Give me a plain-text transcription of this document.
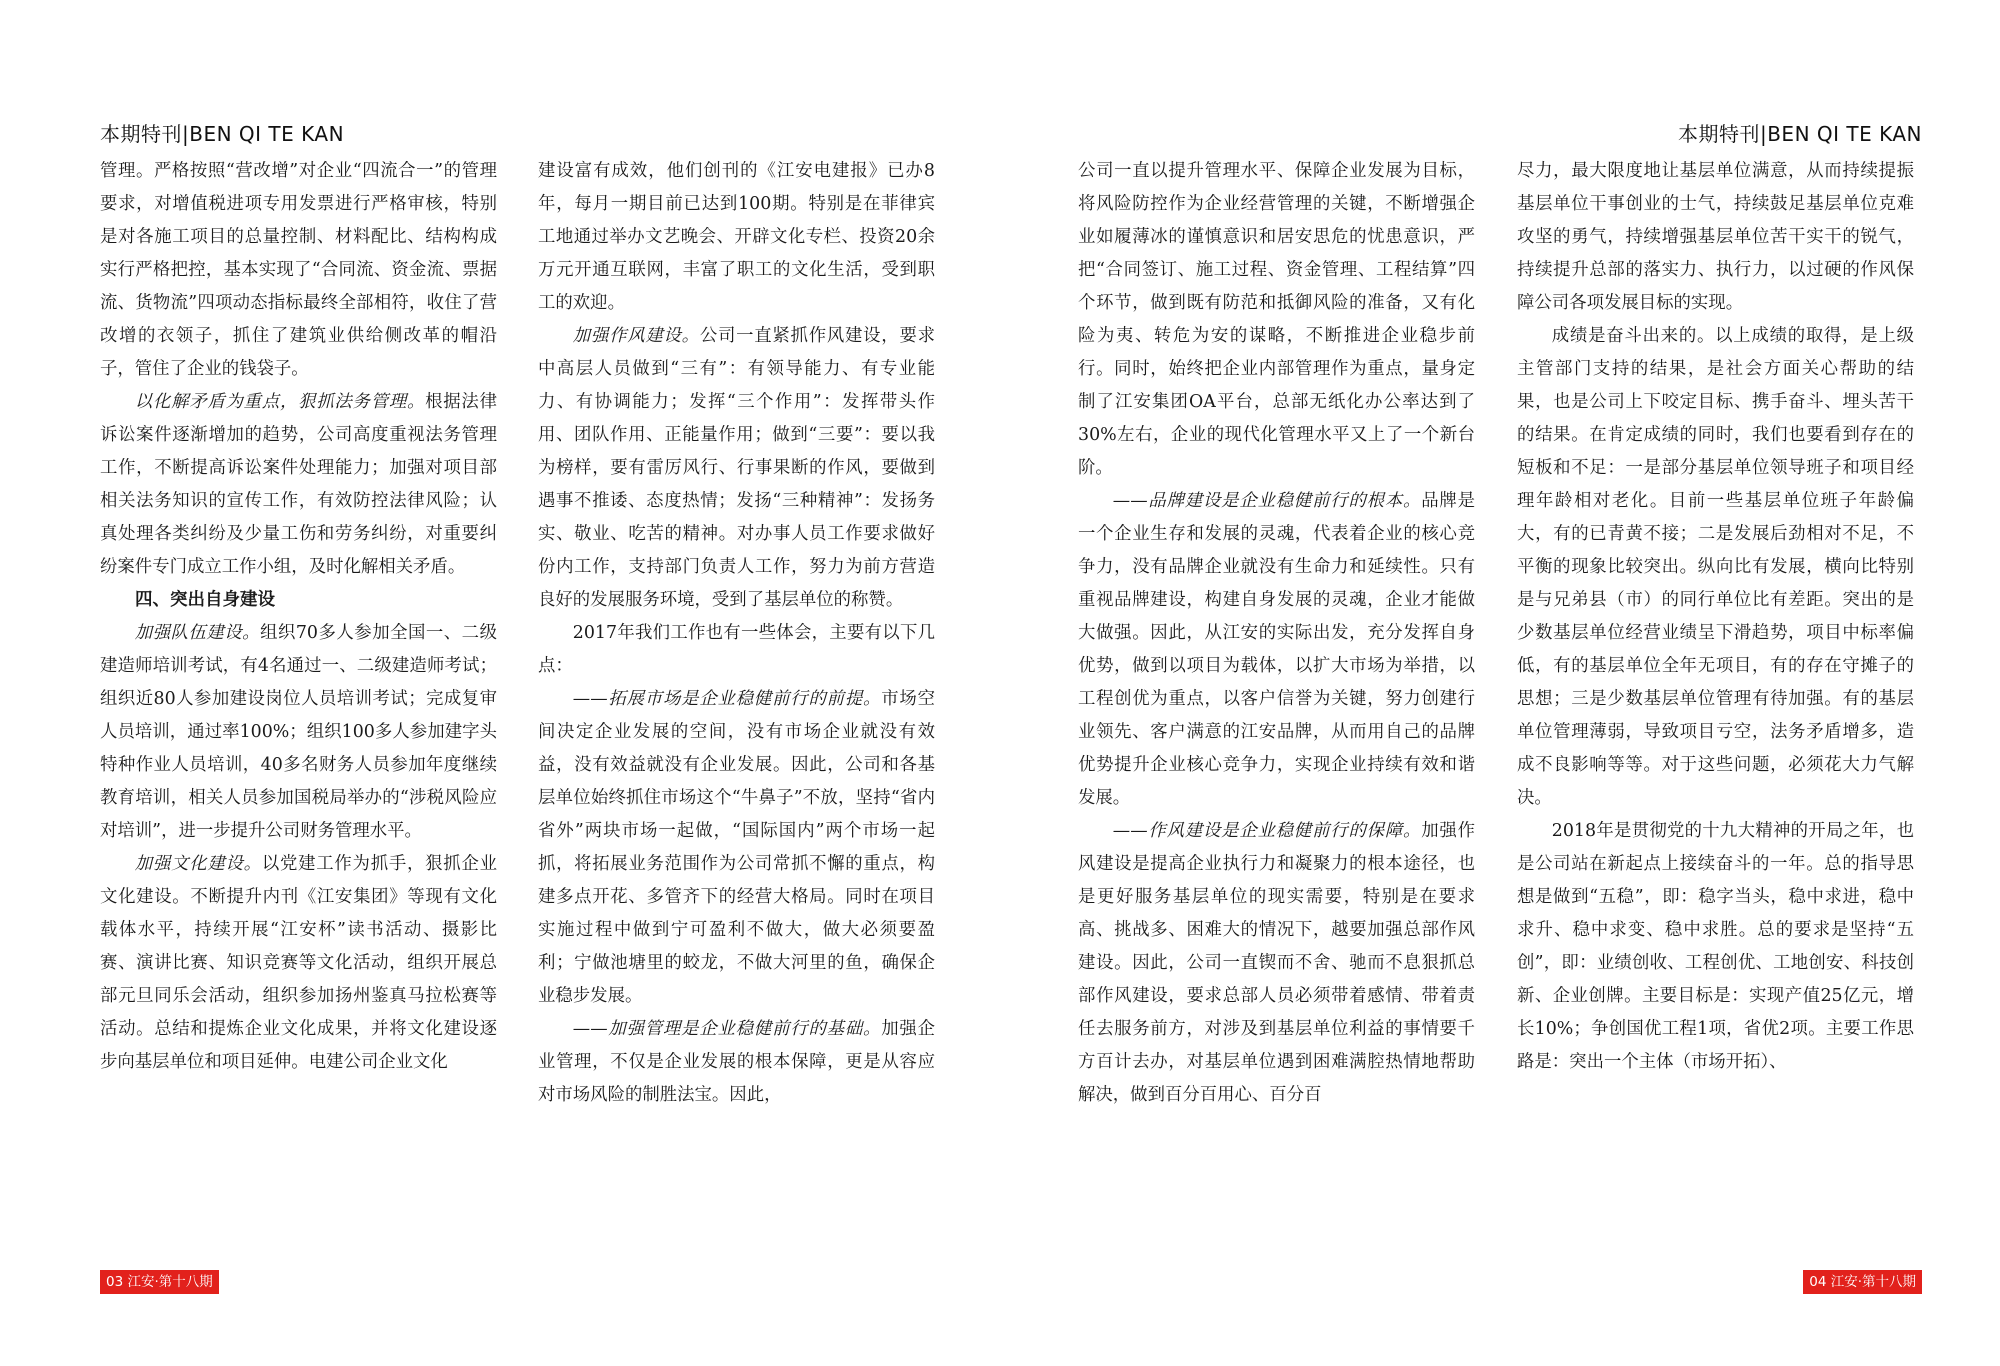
本期特刊|BEN QI TE KAN

管理。严格按照“营改增”对企业“四流合一”的管理要求，对增值税进项专用发票进行严格审核，特别是对各施工项目的总量控制、材料配比、结构构成实行严格把控，基本实现了“合同流、资金流、票据流、货物流”四项动态指标最终全部相符，收住了营改增的衣领子，抓住了建筑业供给侧改革的帽沿子，管住了企业的钱袋子。

以化解矛盾为重点，狠抓法务管理。根据法律诉讼案件逐渐增加的趋势，公司高度重视法务管理工作，不断提高诉讼案件处理能力；加强对项目部相关法务知识的宣传工作，有效防控法律风险；认真处理各类纠纷及少量工伤和劳务纠纷，对重要纠纷案件专门成立工作小组，及时化解相关矛盾。

四、突出自身建设

加强队伍建设。组织70多人参加全国一、二级建造师培训考试，有4名通过一、二级建造师考试；组织近80人参加建设岗位人员培训考试；完成复审人员培训，通过率100%；组织100多人参加建字头特种作业人员培训，40多名财务人员参加年度继续教育培训，相关人员参加国税局举办的“涉税风险应对培训”，进一步提升公司财务管理水平。

加强文化建设。以党建工作为抓手，狠抓企业文化建设。不断提升内刊《江安集团》等现有文化载体水平，持续开展“江安杯”读书活动、摄影比赛、演讲比赛、知识竞赛等文化活动，组织开展总部元旦同乐会活动，组织参加扬州鉴真马拉松赛等活动。总结和提炼企业文化成果，并将文化建设逐步向基层单位和项目延伸。电建公司企业文化

建设富有成效，他们创刊的《江安电建报》已办8年，每月一期目前已达到100期。特别是在菲律宾工地通过举办文艺晚会、开辟文化专栏、投资20余万元开通互联网，丰富了职工的文化生活，受到职工的欢迎。

加强作风建设。公司一直紧抓作风建设，要求中高层人员做到“三有”：有领导能力、有专业能力、有协调能力；发挥“三个作用”：发挥带头作用、团队作用、正能量作用；做到“三要”：要以我为榜样，要有雷厉风行、行事果断的作风，要做到遇事不推诿、态度热情；发扬“三种精神”：发扬务实、敬业、吃苦的精神。对办事人员工作要求做好份内工作，支持部门负责人工作，努力为前方营造良好的发展服务环境，受到了基层单位的称赞。

2017年我们工作也有一些体会，主要有以下几点：

——拓展市场是企业稳健前行的前提。市场空间决定企业发展的空间，没有市场企业就没有效益，没有效益就没有企业发展。因此，公司和各基层单位始终抓住市场这个“牛鼻子”不放，坚持“省内省外”两块市场一起做，“国际国内”两个市场一起抓，将拓展业务范围作为公司常抓不懈的重点，构建多点开花、多管齐下的经营大格局。同时在项目实施过程中做到宁可盈利不做大，做大必须要盈利；宁做池塘里的蛟龙，不做大河里的鱼，确保企业稳步发展。

——加强管理是企业稳健前行的基础。加强企业管理，不仅是企业发展的根本保障，更是从容应对市场风险的制胜法宝。因此，

03 江安·第十八期
本期特刊|BEN QI TE KAN

公司一直以提升管理水平、保障企业发展为目标，将风险防控作为企业经营管理的关键，不断增强企业如履薄冰的谨慎意识和居安思危的忧患意识，严把“合同签订、施工过程、资金管理、工程结算”四个环节，做到既有防范和抵御风险的准备，又有化险为夷、转危为安的谋略，不断推进企业稳步前行。同时，始终把企业内部管理作为重点，量身定制了江安集团OA平台，总部无纸化办公率达到了30%左右，企业的现代化管理水平又上了一个新台阶。

——品牌建设是企业稳健前行的根本。品牌是一个企业生存和发展的灵魂，代表着企业的核心竞争力，没有品牌企业就没有生命力和延续性。只有重视品牌建设，构建自身发展的灵魂，企业才能做大做强。因此，从江安的实际出发，充分发挥自身优势，做到以项目为载体，以扩大市场为举措，以工程创优为重点，以客户信誉为关键，努力创建行业领先、客户满意的江安品牌，从而用自己的品牌优势提升企业核心竞争力，实现企业持续有效和谐发展。

——作风建设是企业稳健前行的保障。加强作风建设是提高企业执行力和凝聚力的根本途径，也是更好服务基层单位的现实需要，特别是在要求高、挑战多、困难大的情况下，越要加强总部作风建设。因此，公司一直锲而不舍、驰而不息狠抓总部作风建设，要求总部人员必须带着感情、带着责任去服务前方，对涉及到基层单位利益的事情要千方百计去办，对基层单位遇到困难满腔热情地帮助解决，做到百分百用心、百分百

尽力，最大限度地让基层单位满意，从而持续提振基层单位干事创业的士气，持续鼓足基层单位克难攻坚的勇气，持续增强基层单位苦干实干的锐气，持续提升总部的落实力、执行力，以过硬的作风保障公司各项发展目标的实现。

成绩是奋斗出来的。以上成绩的取得，是上级主管部门支持的结果，是社会方面关心帮助的结果，也是公司上下咬定目标、携手奋斗、埋头苦干的结果。在肯定成绩的同时，我们也要看到存在的短板和不足：一是部分基层单位领导班子和项目经理年龄相对老化。目前一些基层单位班子年龄偏大，有的已青黄不接；二是发展后劲相对不足，不平衡的现象比较突出。纵向比有发展，横向比特别是与兄弟县（市）的同行单位比有差距。突出的是少数基层单位经营业绩呈下滑趋势，项目中标率偏低，有的基层单位全年无项目，有的存在守摊子的思想；三是少数基层单位管理有待加强。有的基层单位管理薄弱，导致项目亏空，法务矛盾增多，造成不良影响等等。对于这些问题，必须花大力气解决。

2018年是贯彻党的十九大精神的开局之年，也是公司站在新起点上接续奋斗的一年。总的指导思想是做到“五稳”，即：稳字当头，稳中求进，稳中求升、稳中求变、稳中求胜。总的要求是坚持“五创”，即：业绩创收、工程创优、工地创安、科技创新、企业创牌。主要目标是：实现产值25亿元，增长10%；争创国优工程1项，省优2项。主要工作思路是：突出一个主体（市场开拓）、

04 江安·第十八期
